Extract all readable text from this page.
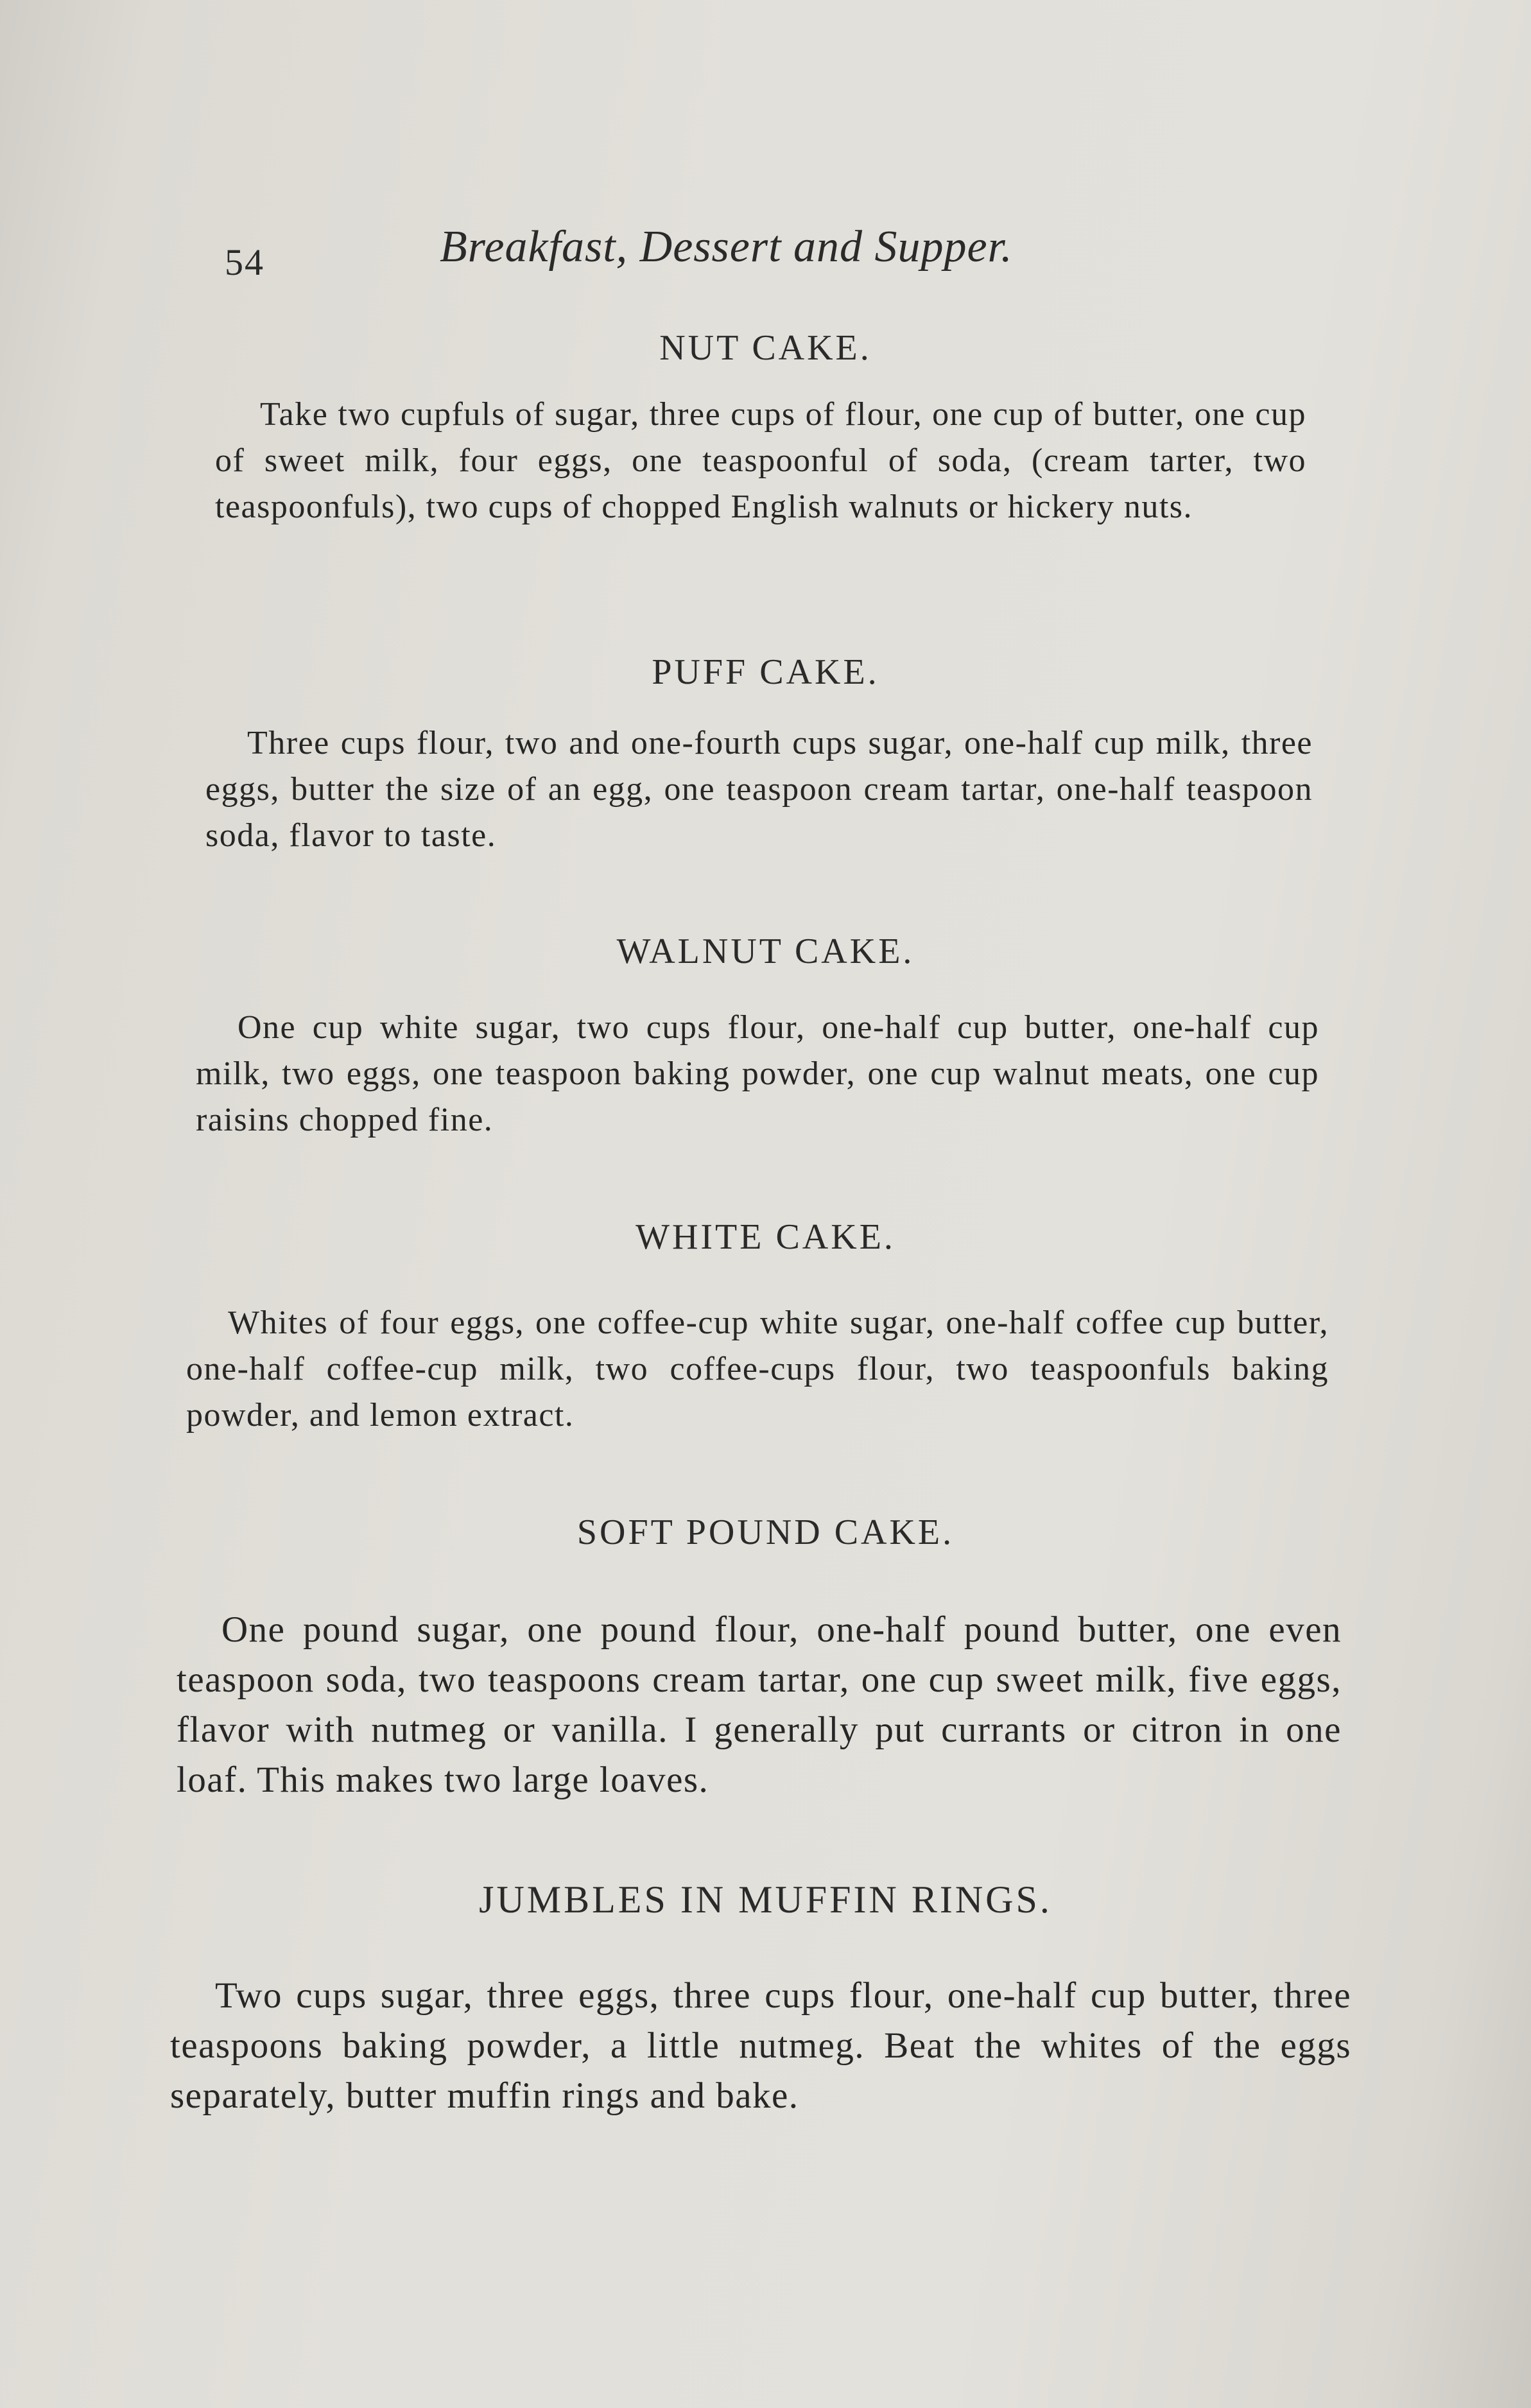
54	Breakfast, Dessert and Supper.
NUT CAKE.

Take two cupfuls of sugar, three cups of flour, one cup of butter, one cup of sweet milk, four eggs, one teaspoonful of soda, (cream tarter, two teaspoonfuls), two cups of chopped English walnuts or hickery nuts.

PUFF CAKE.

Three cups flour, two and one-fourth cups sugar, one-half cup milk, three eggs, butter the size of an egg, one teaspoon cream tartar, one-half teaspoon soda, flavor to taste.

WALNUT CAKE.

One cup white sugar, two cups flour, one-half cup butter, one-half cup milk, two eggs, one teaspoon baking powder, one cup walnut meats, one cup raisins chopped fine.

WHITE CAKE.

Whites of four eggs, one coffee-cup white sugar, one-half coffee cup butter, one-half coffee-cup milk, two coffee-cups flour, two teaspoonfuls baking powder, and lemon extract.

SOFT POUND CAKE.

One pound sugar, one pound flour, one-half pound butter, one even teaspoon soda, two teaspoons cream tartar, one cup sweet milk, five eggs, flavor with nutmeg or vanilla. I generally put currants or citron in one loaf. This makes two large loaves.

JUMBLES IN MUFFIN RINGS.

Two cups sugar, three eggs, three cups flour, one-half cup butter, three teaspoons baking powder, a little nutmeg. Beat the whites of the eggs separately, butter muffin rings and bake.
